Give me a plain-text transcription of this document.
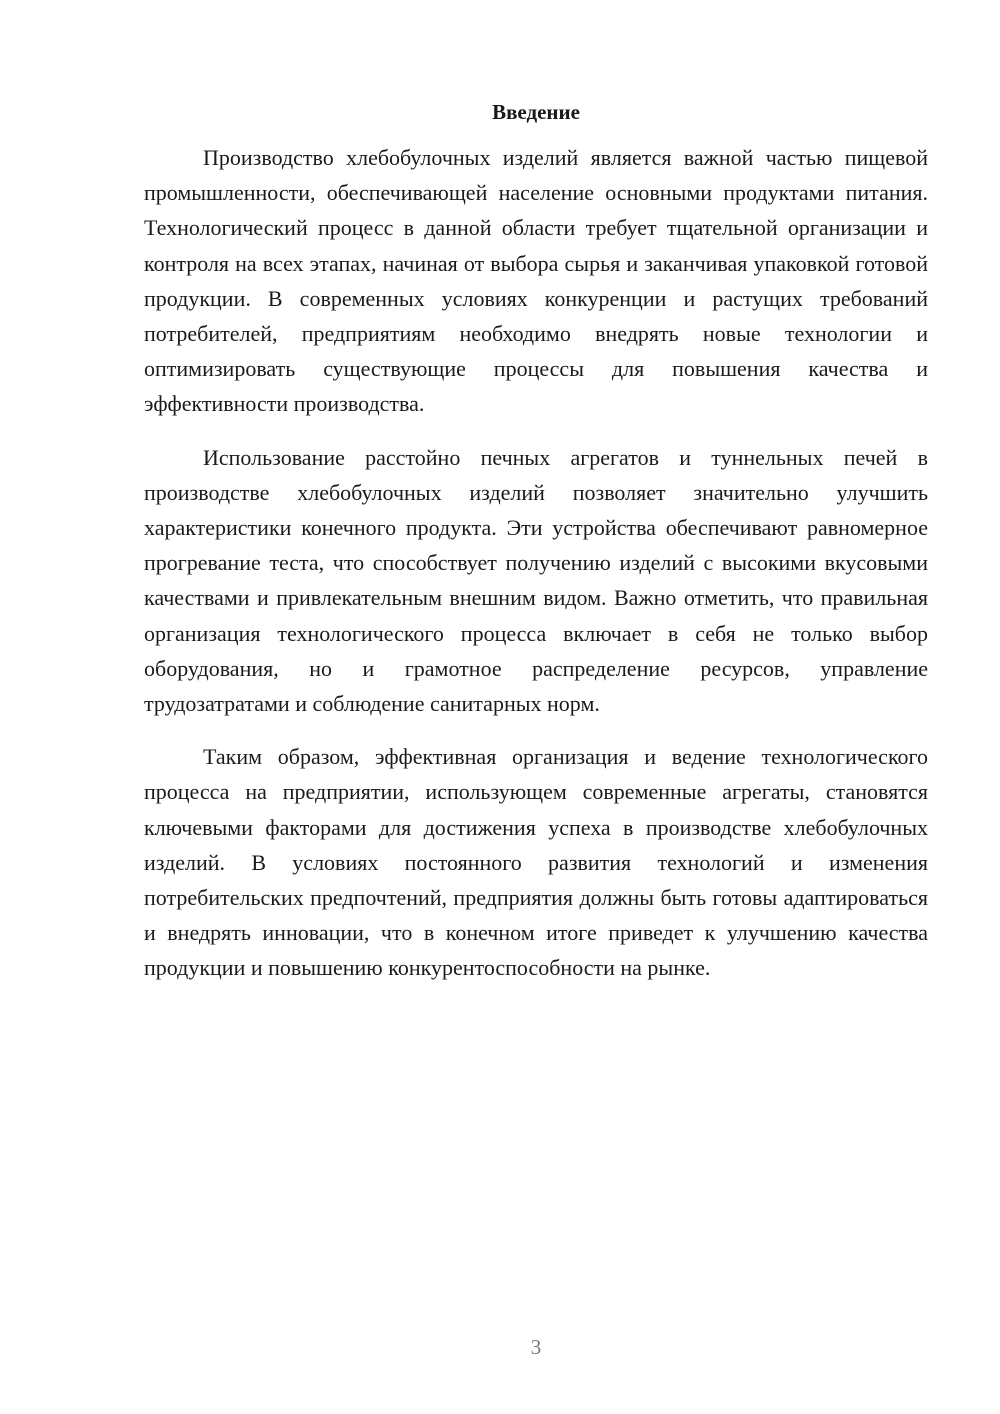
Введение

Производство хлебобулочных изделий является важной частью пищевой промышленности, обеспечивающей население основными продуктами питания. Технологический процесс в данной области требует тщательной организации и контроля на всех этапах, начиная от выбора сырья и заканчивая упаковкой готовой продукции. В современных условиях конкуренции и растущих требований потребителей, предприятиям необходимо внедрять новые технологии и оптимизировать существующие процессы для повышения качества и эффективности производства.

Использование расстойно печных агрегатов и туннельных печей в производстве хлебобулочных изделий позволяет значительно улучшить характеристики конечного продукта. Эти устройства обеспечивают равномерное прогревание теста, что способствует получению изделий с высокими вкусовыми качествами и привлекательным внешним видом. Важно отметить, что правильная организация технологического процесса включает в себя не только выбор оборудования, но и грамотное распределение ресурсов, управление трудозатратами и соблюдение санитарных норм.

Таким образом, эффективная организация и ведение технологического процесса на предприятии, использующем современные агрегаты, становятся ключевыми факторами для достижения успеха в производстве хлебобулочных изделий. В условиях постоянного развития технологий и изменения потребительских предпочтений, предприятия должны быть готовы адаптироваться и внедрять инновации, что в конечном итоге приведет к улучшению качества продукции и повышению конкурентоспособности на рынке.

3
